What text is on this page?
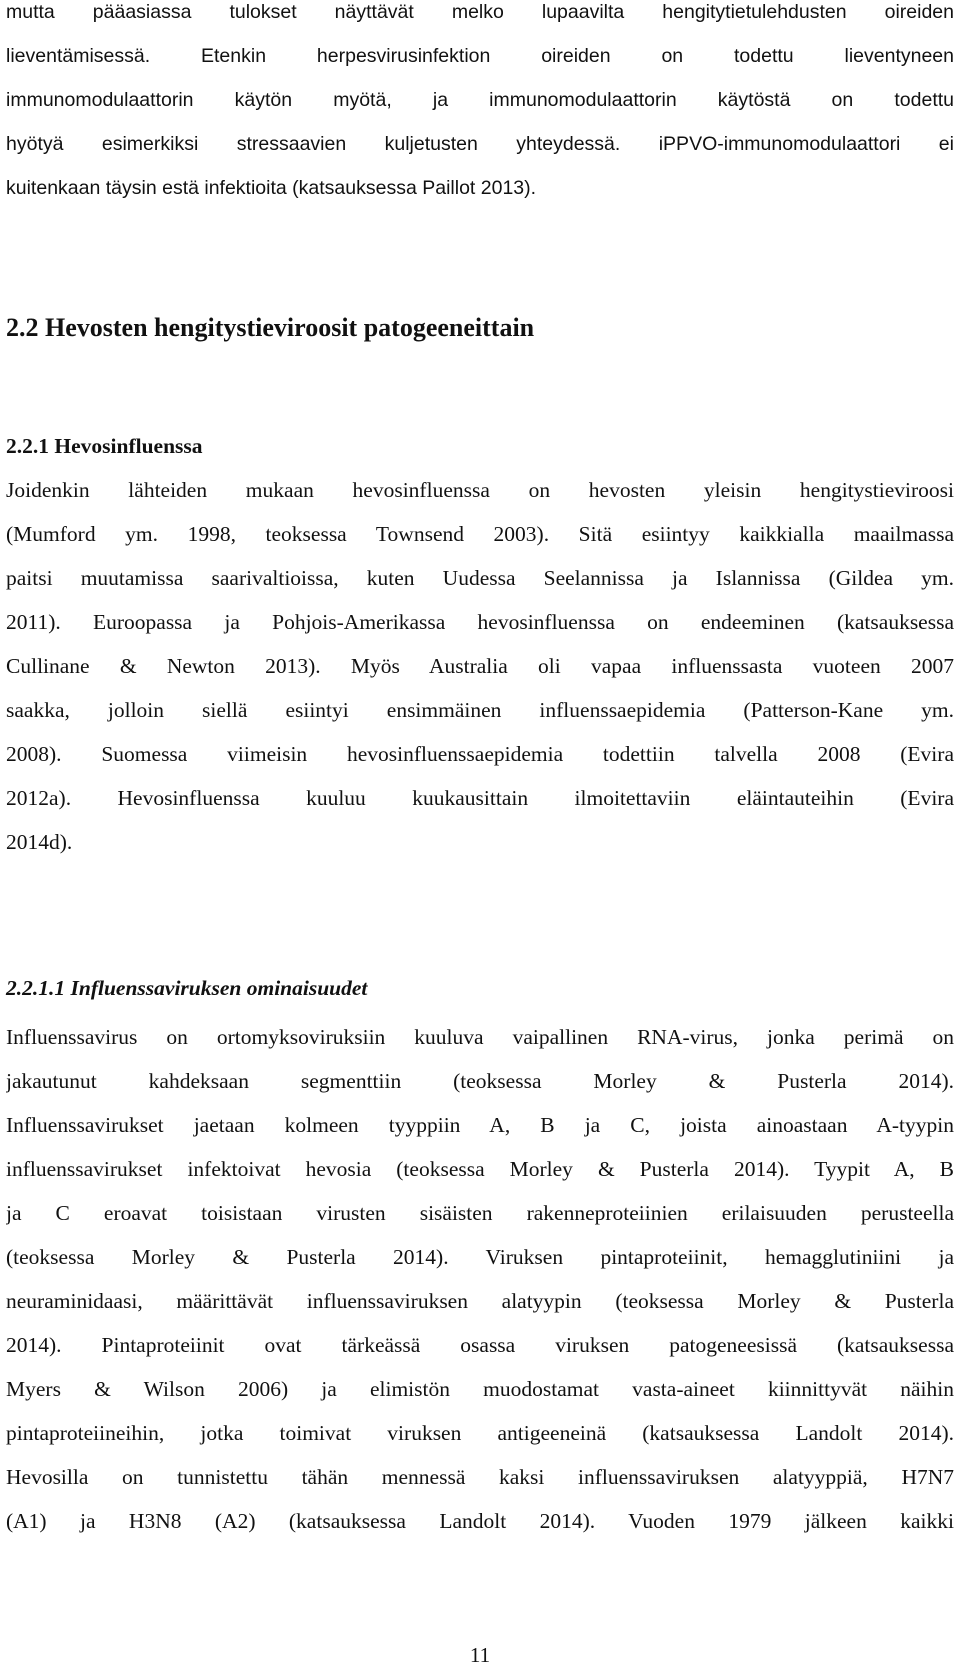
mutta pääasiassa tulokset näyttävät melko lupaavilta hengitytietulehdusten oireiden
lieventämisessä. Etenkin herpesvirusinfektion oireiden on todettu lieventyneen
immunomodulaattorin käytön myötä, ja immunomodulaattorin käytöstä on todettu
hyötyä esimerkiksi stressaavien kuljetusten yhteydessä. iPPVO-immunomodulaattori ei
kuitenkaan täysin estä infektioita (katsauksessa Paillot 2013).
2.2 Hevosten hengitystieviroosit patogeeneittain
2.2.1 Hevosinfluenssa
Joidenkin lähteiden mukaan hevosinfluenssa on hevosten yleisin hengitystieviroosi
(Mumford ym. 1998, teoksessa Townsend 2003). Sitä esiintyy kaikkialla maailmassa
paitsi muutamissa saarivaltioissa, kuten Uudessa Seelannissa ja Islannissa (Gildea ym.
2011). Euroopassa ja Pohjois-Amerikassa hevosinfluenssa on endeeminen (katsauksessa
Cullinane & Newton 2013). Myös Australia oli vapaa influenssasta vuoteen 2007
saakka, jolloin siellä esiintyi ensimmäinen influenssaepidemia (Patterson-Kane ym.
2008). Suomessa viimeisin hevosinfluenssaepidemia todettiin talvella 2008 (Evira
2012a). Hevosinfluenssa kuuluu kuukausittain ilmoitettaviin eläintauteihin (Evira
2014d).
2.2.1.1 Influenssaviruksen ominaisuudet
Influenssavirus on ortomyksoviruksiin kuuluva vaipallinen RNA-virus, jonka perimä on
jakautunut kahdeksaan segmenttiin (teoksessa Morley & Pusterla 2014).
Influenssavirukset jaetaan kolmeen tyyppiin A, B ja C, joista ainoastaan A-tyypin
influenssavirukset infektoivat hevosia (teoksessa Morley & Pusterla 2014). Tyypit A, B
ja C eroavat toisistaan virusten sisäisten rakenneproteiinien erilaisuuden perusteella
(teoksessa Morley & Pusterla 2014). Viruksen pintaproteiinit, hemagglutiniini ja
neuraminidaasi, määrittävät influenssaviruksen alatyypin (teoksessa Morley & Pusterla
2014). Pintaproteiinit ovat tärkeässä osassa viruksen patogeneesissä (katsauksessa
Myers & Wilson 2006) ja elimistön muodostamat vasta-aineet kiinnittyvät näihin
pintaproteiineihin, jotka toimivat viruksen antigeeneinä (katsauksessa Landolt 2014).
Hevosilla on tunnistettu tähän mennessä kaksi influenssaviruksen alatyyppiä, H7N7
(A1) ja H3N8 (A2) (katsauksessa Landolt 2014). Vuoden 1979 jälkeen kaikki
11
